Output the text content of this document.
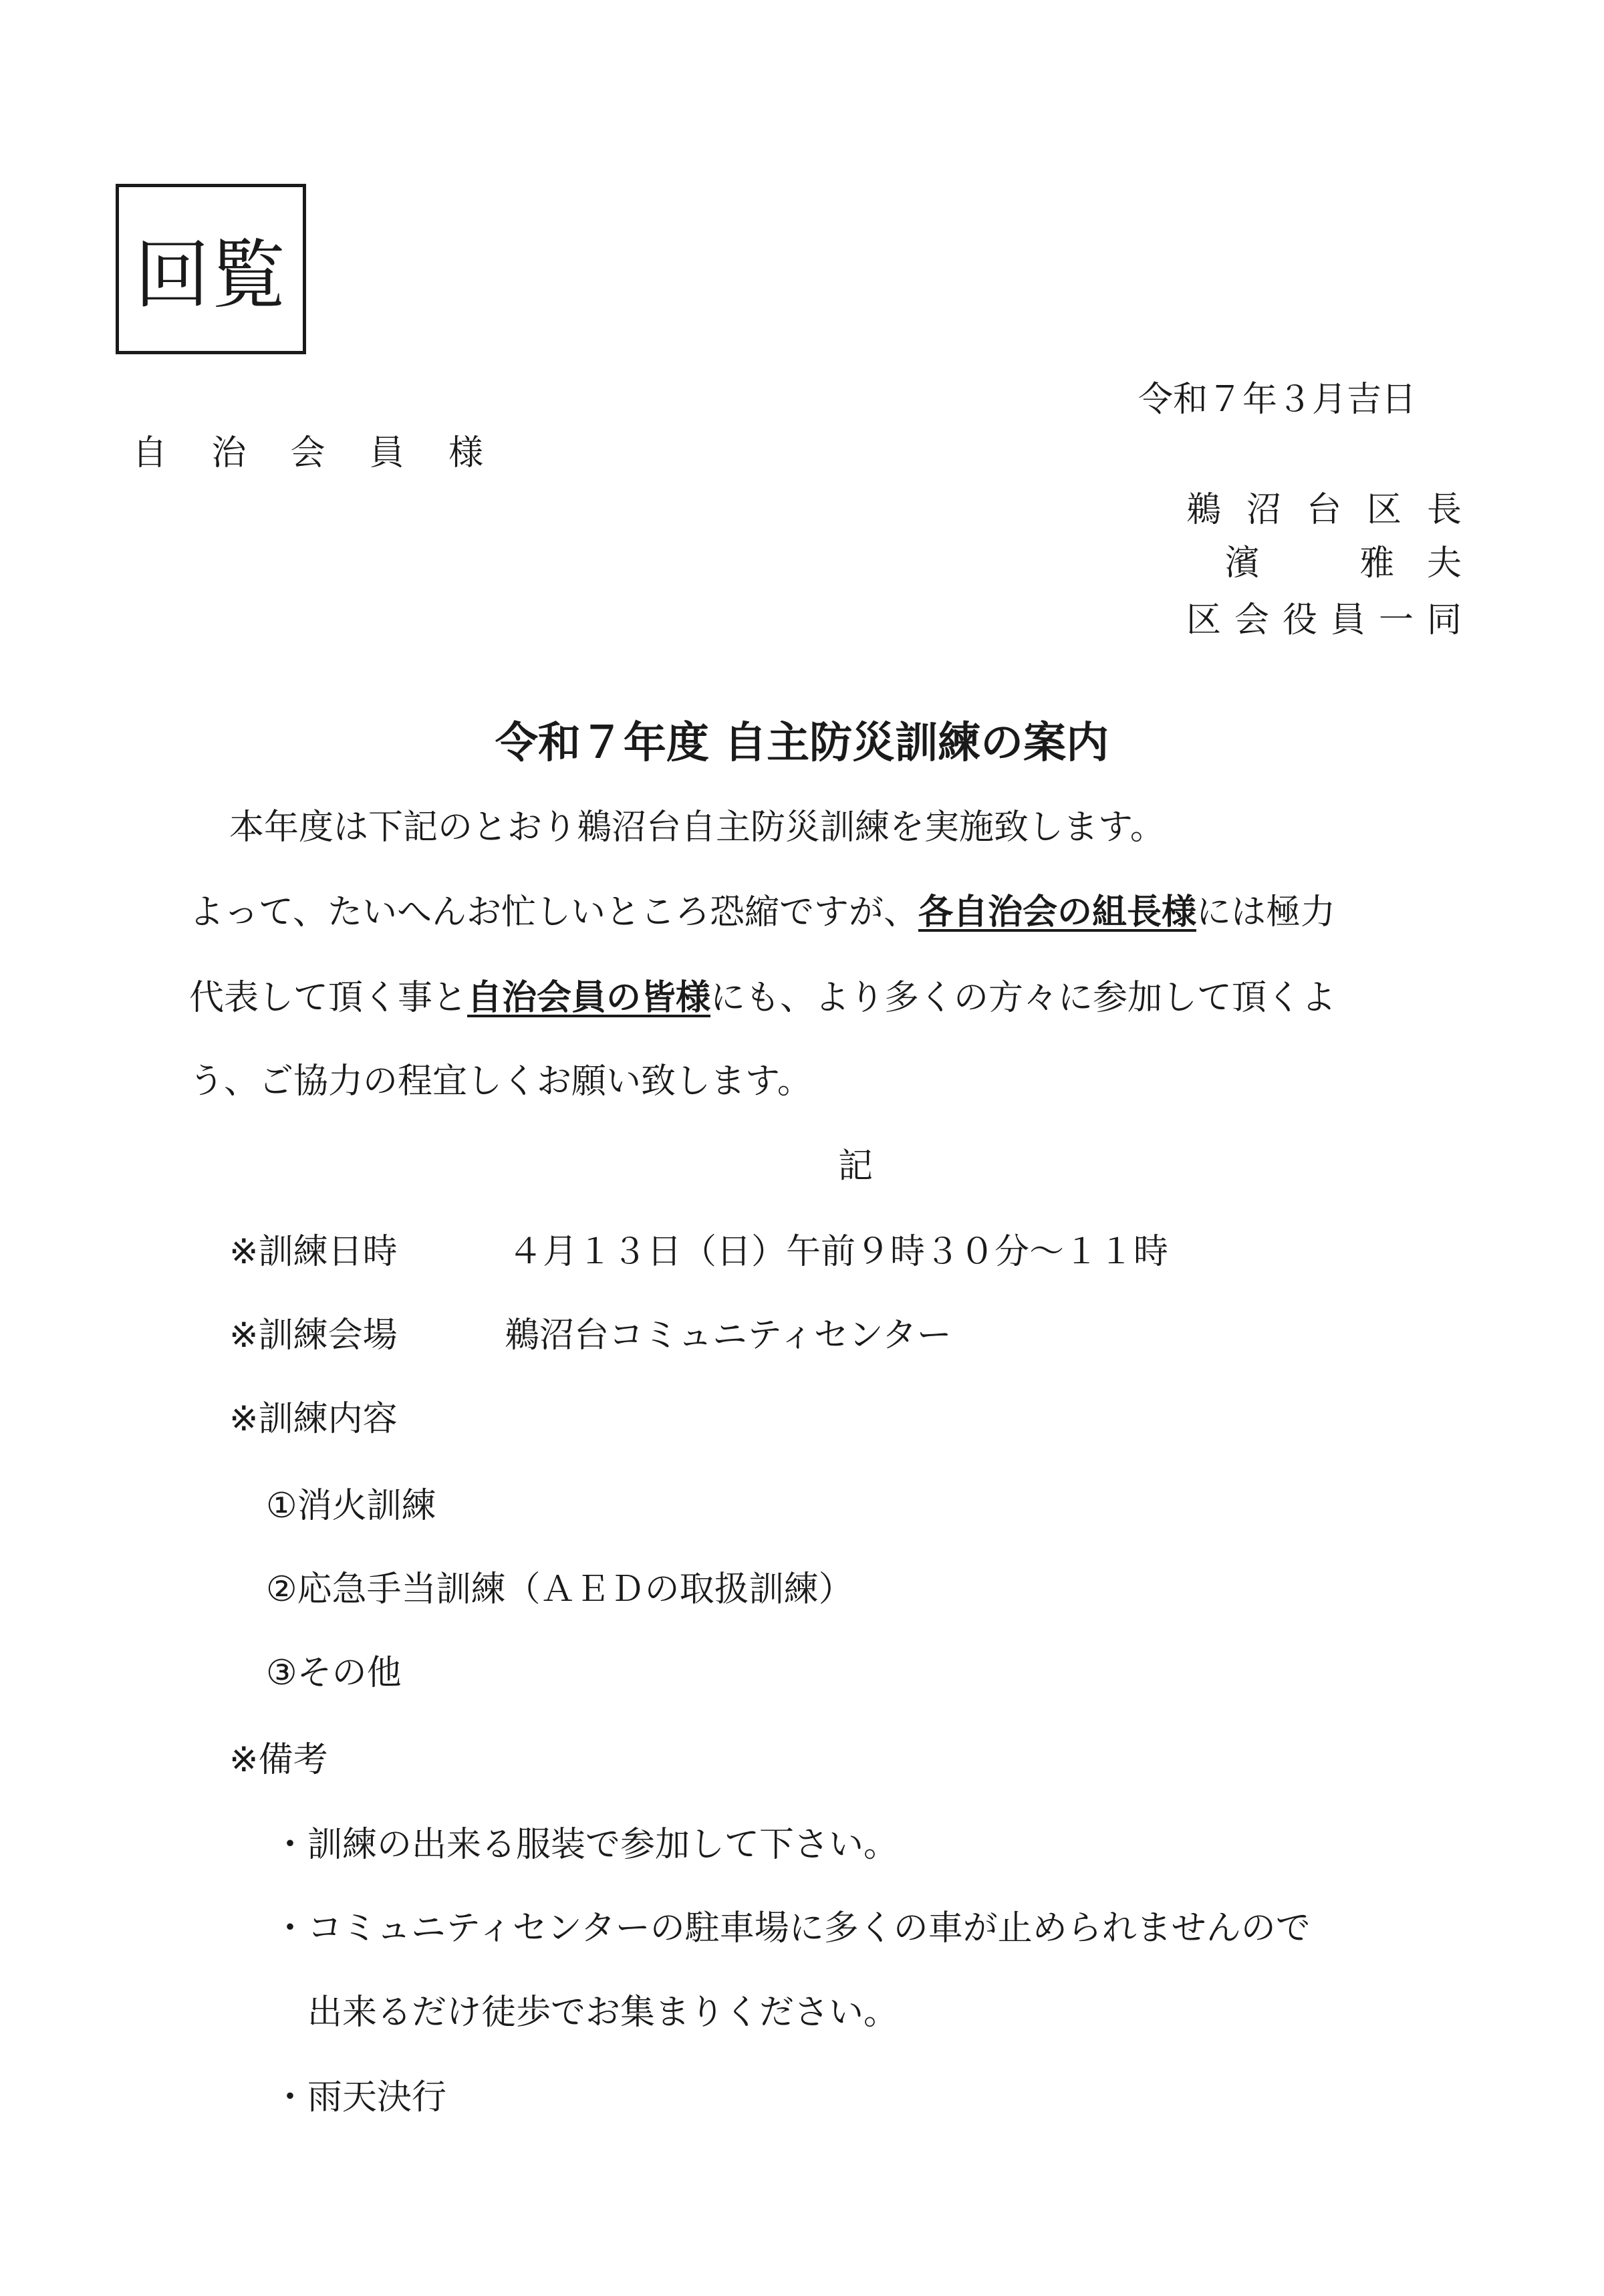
回覧
令和７年３月吉日
自治会員様
鵜沼台区長
濱　雅夫
区会役員一同
令和７年度 自主防災訓練の案内
本年度は下記のとおり鵜沼台自主防災訓練を実施致します。
よって、たいへんお忙しいところ恐縮ですが、各自治会の組長様には極力
代表して頂く事と自治会員の皆様にも、より多くの方々に参加して頂くよ
う、ご協力の程宜しくお願い致します。
記
※訓練日時	４月１３日（日）午前９時３０分～１１時
※訓練会場	鵜沼台コミュニティセンター
※訓練内容
①消火訓練
②応急手当訓練（ＡＥＤの取扱訓練）
③その他
※備考
・訓練の出来る服装で参加して下さい。
・コミュニティセンターの駐車場に多くの車が止められませんので
出来るだけ徒歩でお集まりください。
・雨天決行
